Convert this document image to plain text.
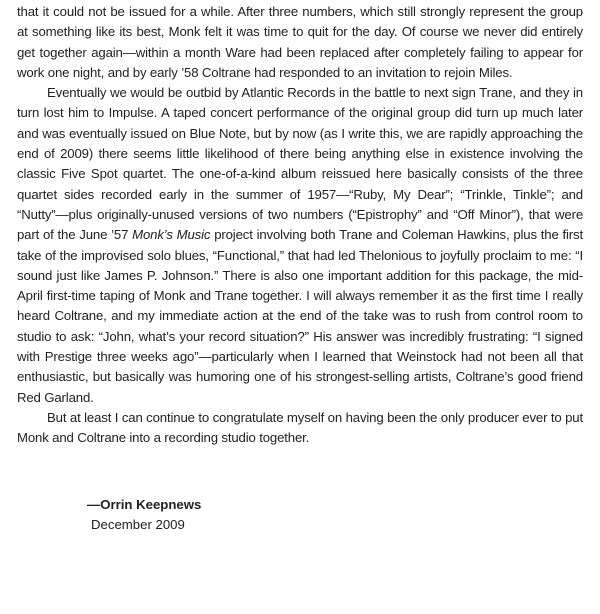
that it could not be issued for a while. After three numbers, which still strongly represent the group at something like its best, Monk felt it was time to quit for the day. Of course we never did entirely get together again—within a month Ware had been replaced after completely failing to appear for work one night, and by early ’58 Coltrane had responded to an invitation to rejoin Miles.

Eventually we would be outbid by Atlantic Records in the battle to next sign Trane, and they in turn lost him to Impulse. A taped concert performance of the original group did turn up much later and was eventually issued on Blue Note, but by now (as I write this, we are rapidly approaching the end of 2009) there seems little likelihood of there being anything else in existence involving the classic Five Spot quartet. The one-of-a-kind album reissued here basically consists of the three quartet sides recorded early in the summer of 1957—“Ruby, My Dear”; “Trinkle, Tinkle”; and “Nutty”—plus originally-unused versions of two numbers (“Epistrophy” and “Off Minor”), that were part of the June ’57 Monk’s Music project involving both Trane and Coleman Hawkins, plus the first take of the improvised solo blues, “Functional,” that had led Thelonious to joyfully proclaim to me: “I sound just like James P. Johnson.” There is also one important addition for this package, the mid-April first-time taping of Monk and Trane together. I will always remember it as the first time I really heard Coltrane, and my immediate action at the end of the take was to rush from control room to studio to ask: “John, what’s your record situation?” His answer was incredibly frustrating: “I signed with Prestige three weeks ago”—particularly when I learned that Weinstock had not been all that enthusiastic, but basically was humoring one of his strongest-selling artists, Coltrane’s good friend Red Garland.

But at least I can continue to congratulate myself on having been the only producer ever to put Monk and Coltrane into a recording studio together.

—Orrin Keepnews
December 2009
